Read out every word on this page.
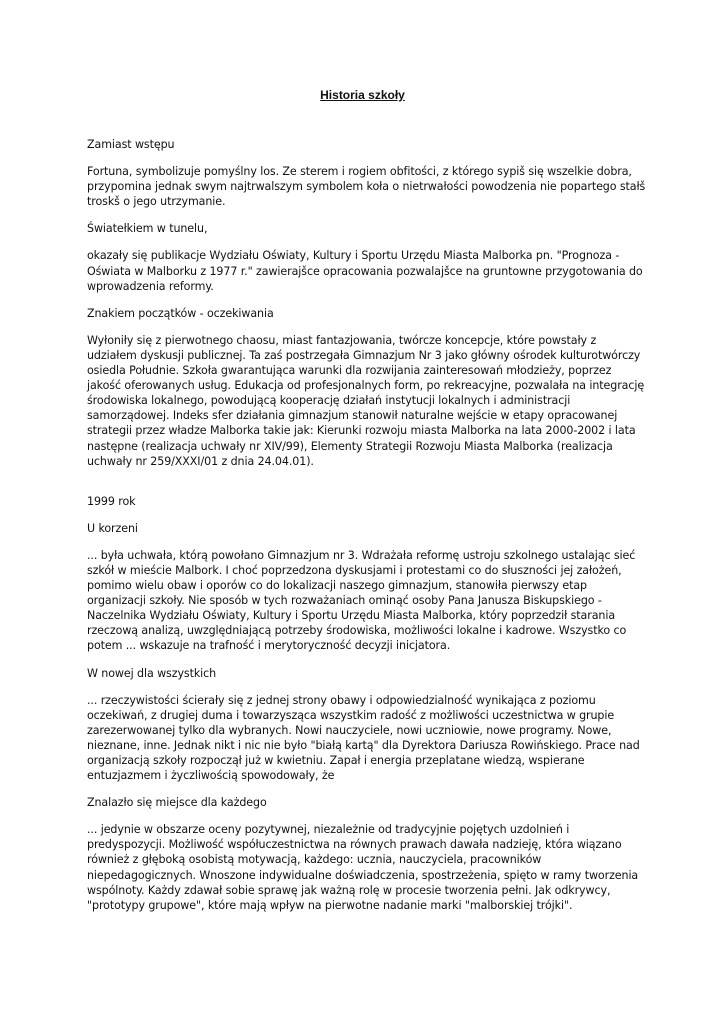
Historia szkoły

Zamiast wstępu

Fortuna, symbolizuje pomyślny los. Ze sterem i rogiem obfitości, z którego sypiš się wszelkie dobra, przypomina jednak swym najtrwalszym symbolem koła o nietrwałości powodzenia nie popartego stałš troskš o jego utrzymanie.

Światełkiem w tunelu,

okazały się publikacje Wydziału Oświaty, Kultury i Sportu Urzędu Miasta Malborka pn. "Prognoza - Oświata w Malborku z 1977 r." zawierajšce opracowania pozwalajšce na gruntowne przygotowania do wprowadzenia reformy.

Znakiem początków - oczekiwania

Wyłoniły się z pierwotnego chaosu, miast fantazjowania, twórcze koncepcje, które powstały z udziałem dyskusji publicznej. Ta zaś postrzegała Gimnazjum Nr 3 jako główny ośrodek kulturotwórczy osiedla Południe. Szkoła gwarantująca warunki dla rozwijania zainteresowań młodzieży, poprzez jakość oferowanych usług. Edukacja od profesjonalnych form, po rekreacyjne, pozwalała na integrację środowiska lokalnego, powodującą kooperację działań instytucji lokalnych i administracji samorządowej. Indeks sfer działania gimnazjum stanowił naturalne wejście w etapy opracowanej strategii przez władze Malborka takie jak: Kierunki rozwoju miasta Malborka na lata 2000-2002 i lata następne (realizacja uchwały nr XIV/99), Elementy Strategii Rozwoju Miasta Malborka (realizacja uchwały nr 259/XXXI/01 z dnia 24.04.01).

1999 rok

U korzeni

... była uchwała, którą powołano Gimnazjum nr 3. Wdrażała reformę ustroju szkolnego ustalając sieć szkół w mieście Malbork. I choć poprzedzona dyskusjami i protestami co do słuszności jej założeń, pomimo wielu obaw i oporów co do lokalizacji naszego gimnazjum, stanowiła pierwszy etap organizacji szkoły. Nie sposób w tych rozważaniach ominąć osoby Pana Janusza Biskupskiego - Naczelnika Wydziału Oświaty, Kultury i Sportu Urzędu Miasta Malborka, który poprzedził starania rzeczową analizą, uwzględniającą potrzeby środowiska, możliwości lokalne i kadrowe. Wszystko co potem ... wskazuje na trafność i merytoryczność decyzji inicjatora.

W nowej dla wszystkich

... rzeczywistości ścierały się z jednej strony obawy i odpowiedzialność wynikająca z poziomu oczekiwań, z drugiej duma i towarzysząca wszystkim radość z możliwości uczestnictwa w grupie zarezerwowanej tylko dla wybranych. Nowi nauczyciele, nowi uczniowie, nowe programy. Nowe, nieznane, inne. Jednak nikt i nic nie było "białą kartą" dla Dyrektora Dariusza Rowińskiego. Prace nad organizacją szkoły rozpoczął już w kwietniu. Zapał i energia przeplatane wiedzą, wspierane entuzjazmem i życzliwością spowodowały, że

Znalazło się miejsce dla każdego

... jedynie w obszarze oceny pozytywnej, niezależnie od tradycyjnie pojętych uzdolnień i predyspozycji. Możliwość współuczestnictwa na równych prawach dawała nadzieję, która wiązano również z głęboką osobistą motywacją, każdego: ucznia, nauczyciela, pracowników niepedagogicznych. Wnoszone indywidualne doświadczenia, spostrzeżenia, spięto w ramy tworzenia wspólnoty. Każdy zdawał sobie sprawę jak ważną rolę w procesie tworzenia pełni. Jak odkrywcy, "prototypy grupowe", które mają wpływ na pierwotne nadanie marki "malborskiej trójki".
